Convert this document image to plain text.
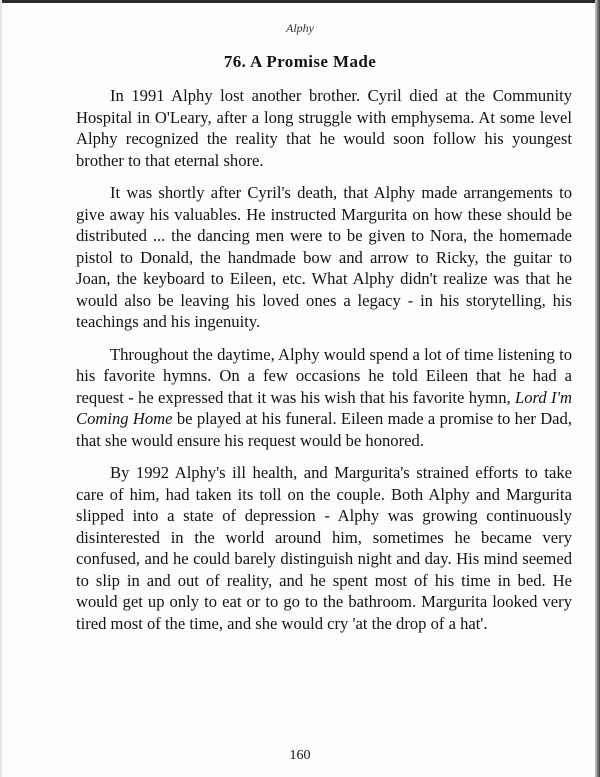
Alphy
76. A Promise Made

In 1991 Alphy lost another brother. Cyril died at the Community Hospital in O'Leary, after a long struggle with emphysema. At some level Alphy recognized the reality that he would soon follow his youngest brother to that eternal shore.

It was shortly after Cyril's death, that Alphy made arrangements to give away his valuables. He instructed Margurita on how these should be distributed ... the dancing men were to be given to Nora, the homemade pistol to Donald, the handmade bow and arrow to Ricky, the guitar to Joan, the keyboard to Eileen, etc. What Alphy didn't realize was that he would also be leaving his loved ones a legacy - in his storytelling, his teachings and his ingenuity.

Throughout the daytime, Alphy would spend a lot of time listening to his favorite hymns. On a few occasions he told Eileen that he had a request - he expressed that it was his wish that his favorite hymn, Lord I'm Coming Home be played at his funeral. Eileen made a promise to her Dad, that she would ensure his request would be honored.

By 1992 Alphy's ill health, and Margurita's strained efforts to take care of him, had taken its toll on the couple. Both Alphy and Margurita slipped into a state of depression - Alphy was growing continuously disinterested in the world around him, sometimes he became very confused, and he could barely distinguish night and day. His mind seemed to slip in and out of reality, and he spent most of his time in bed. He would get up only to eat or to go to the bathroom. Margurita looked very tired most of the time, and she would cry 'at the drop of a hat'.

160
